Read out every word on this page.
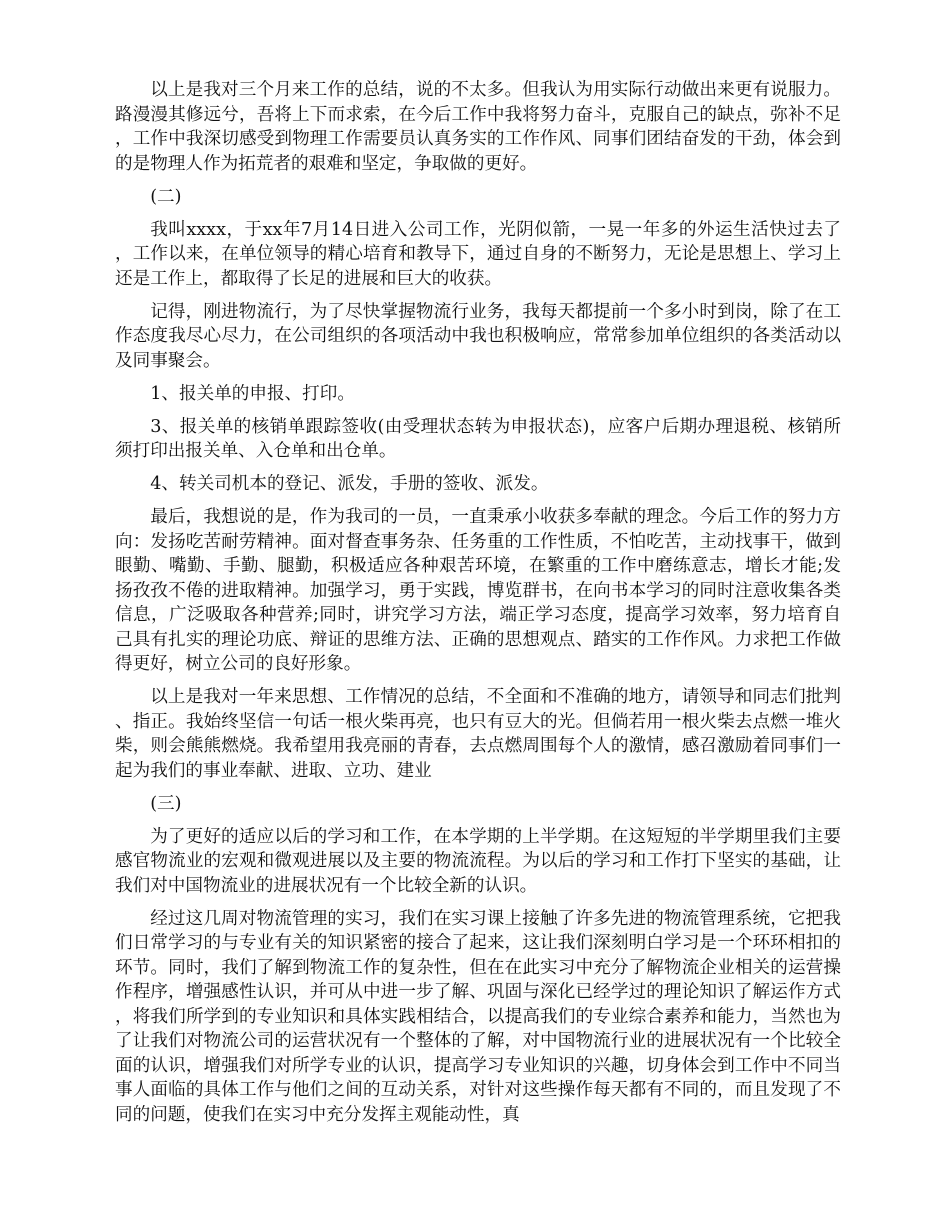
以上是我对三个月来工作的总结，说的不太多。但我认为用实际行动做出来更有说服力。路漫漫其修远兮，吾将上下而求索，在今后工作中我将努力奋斗，克服自己的缺点，弥补不足，工作中我深切感受到物理工作需要员认真务实的工作作风、同事们团结奋发的干劲，体会到的是物理人作为拓荒者的艰难和坚定，争取做的更好。

(二)

我叫xxxx，于xx年7月14日进入公司工作，光阴似箭，一晃一年多的外运生活快过去了，工作以来，在单位领导的精心培育和教导下，通过自身的不断努力，无论是思想上、学习上还是工作上，都取得了长足的进展和巨大的收获。

记得，刚进物流行，为了尽快掌握物流行业务，我每天都提前一个多小时到岗，除了在工作态度我尽心尽力，在公司组织的各项活动中我也积极响应，常常参加单位组织的各类活动以及同事聚会。

1、报关单的申报、打印。

3、报关单的核销单跟踪签收(由受理状态转为申报状态)，应客户后期办理退税、核销所须打印出报关单、入仓单和出仓单。

4、转关司机本的登记、派发，手册的签收、派发。

最后，我想说的是，作为我司的一员，一直秉承小收获多奉献的理念。今后工作的努力方向：发扬吃苦耐劳精神。面对督查事务杂、任务重的工作性质，不怕吃苦，主动找事干，做到眼勤、嘴勤、手勤、腿勤，积极适应各种艰苦环境，在繁重的工作中磨练意志，增长才能;发扬孜孜不倦的进取精神。加强学习，勇于实践，博览群书，在向书本学习的同时注意收集各类信息，广泛吸取各种营养;同时，讲究学习方法，端正学习态度，提高学习效率，努力培育自己具有扎实的理论功底、辩证的思维方法、正确的思想观点、踏实的工作作风。力求把工作做得更好，树立公司的良好形象。

以上是我对一年来思想、工作情况的总结，不全面和不准确的地方，请领导和同志们批判、指正。我始终坚信一句话一根火柴再亮，也只有豆大的光。但倘若用一根火柴去点燃一堆火柴，则会熊熊燃烧。我希望用我亮丽的青春，去点燃周围每个人的激情，感召激励着同事们一起为我们的事业奉献、进取、立功、建业

(三)

为了更好的适应以后的学习和工作，在本学期的上半学期。在这短短的半学期里我们主要感官物流业的宏观和微观进展以及主要的物流流程。为以后的学习和工作打下坚实的基础，让我们对中国物流业的进展状况有一个比较全新的认识。

经过这几周对物流管理的实习，我们在实习课上接触了许多先进的物流管理系统，它把我们日常学习的与专业有关的知识紧密的接合了起来，这让我们深刻明白学习是一个环环相扣的环节。同时，我们了解到物流工作的复杂性，但在在此实习中充分了解物流企业相关的运营操作程序，增强感性认识，并可从中进一步了解、巩固与深化已经学过的理论知识了解运作方式，将我们所学到的专业知识和具体实践相结合，以提高我们的专业综合素养和能力，当然也为了让我们对物流公司的运营状况有一个整体的了解，对中国物流行业的进展状况有一个比较全面的认识，增强我们对所学专业的认识，提高学习专业知识的兴趣，切身体会到工作中不同当事人面临的具体工作与他们之间的互动关系，对针对这些操作每天都有不同的，而且发现了不同的问题，使我们在实习中充分发挥主观能动性，真
